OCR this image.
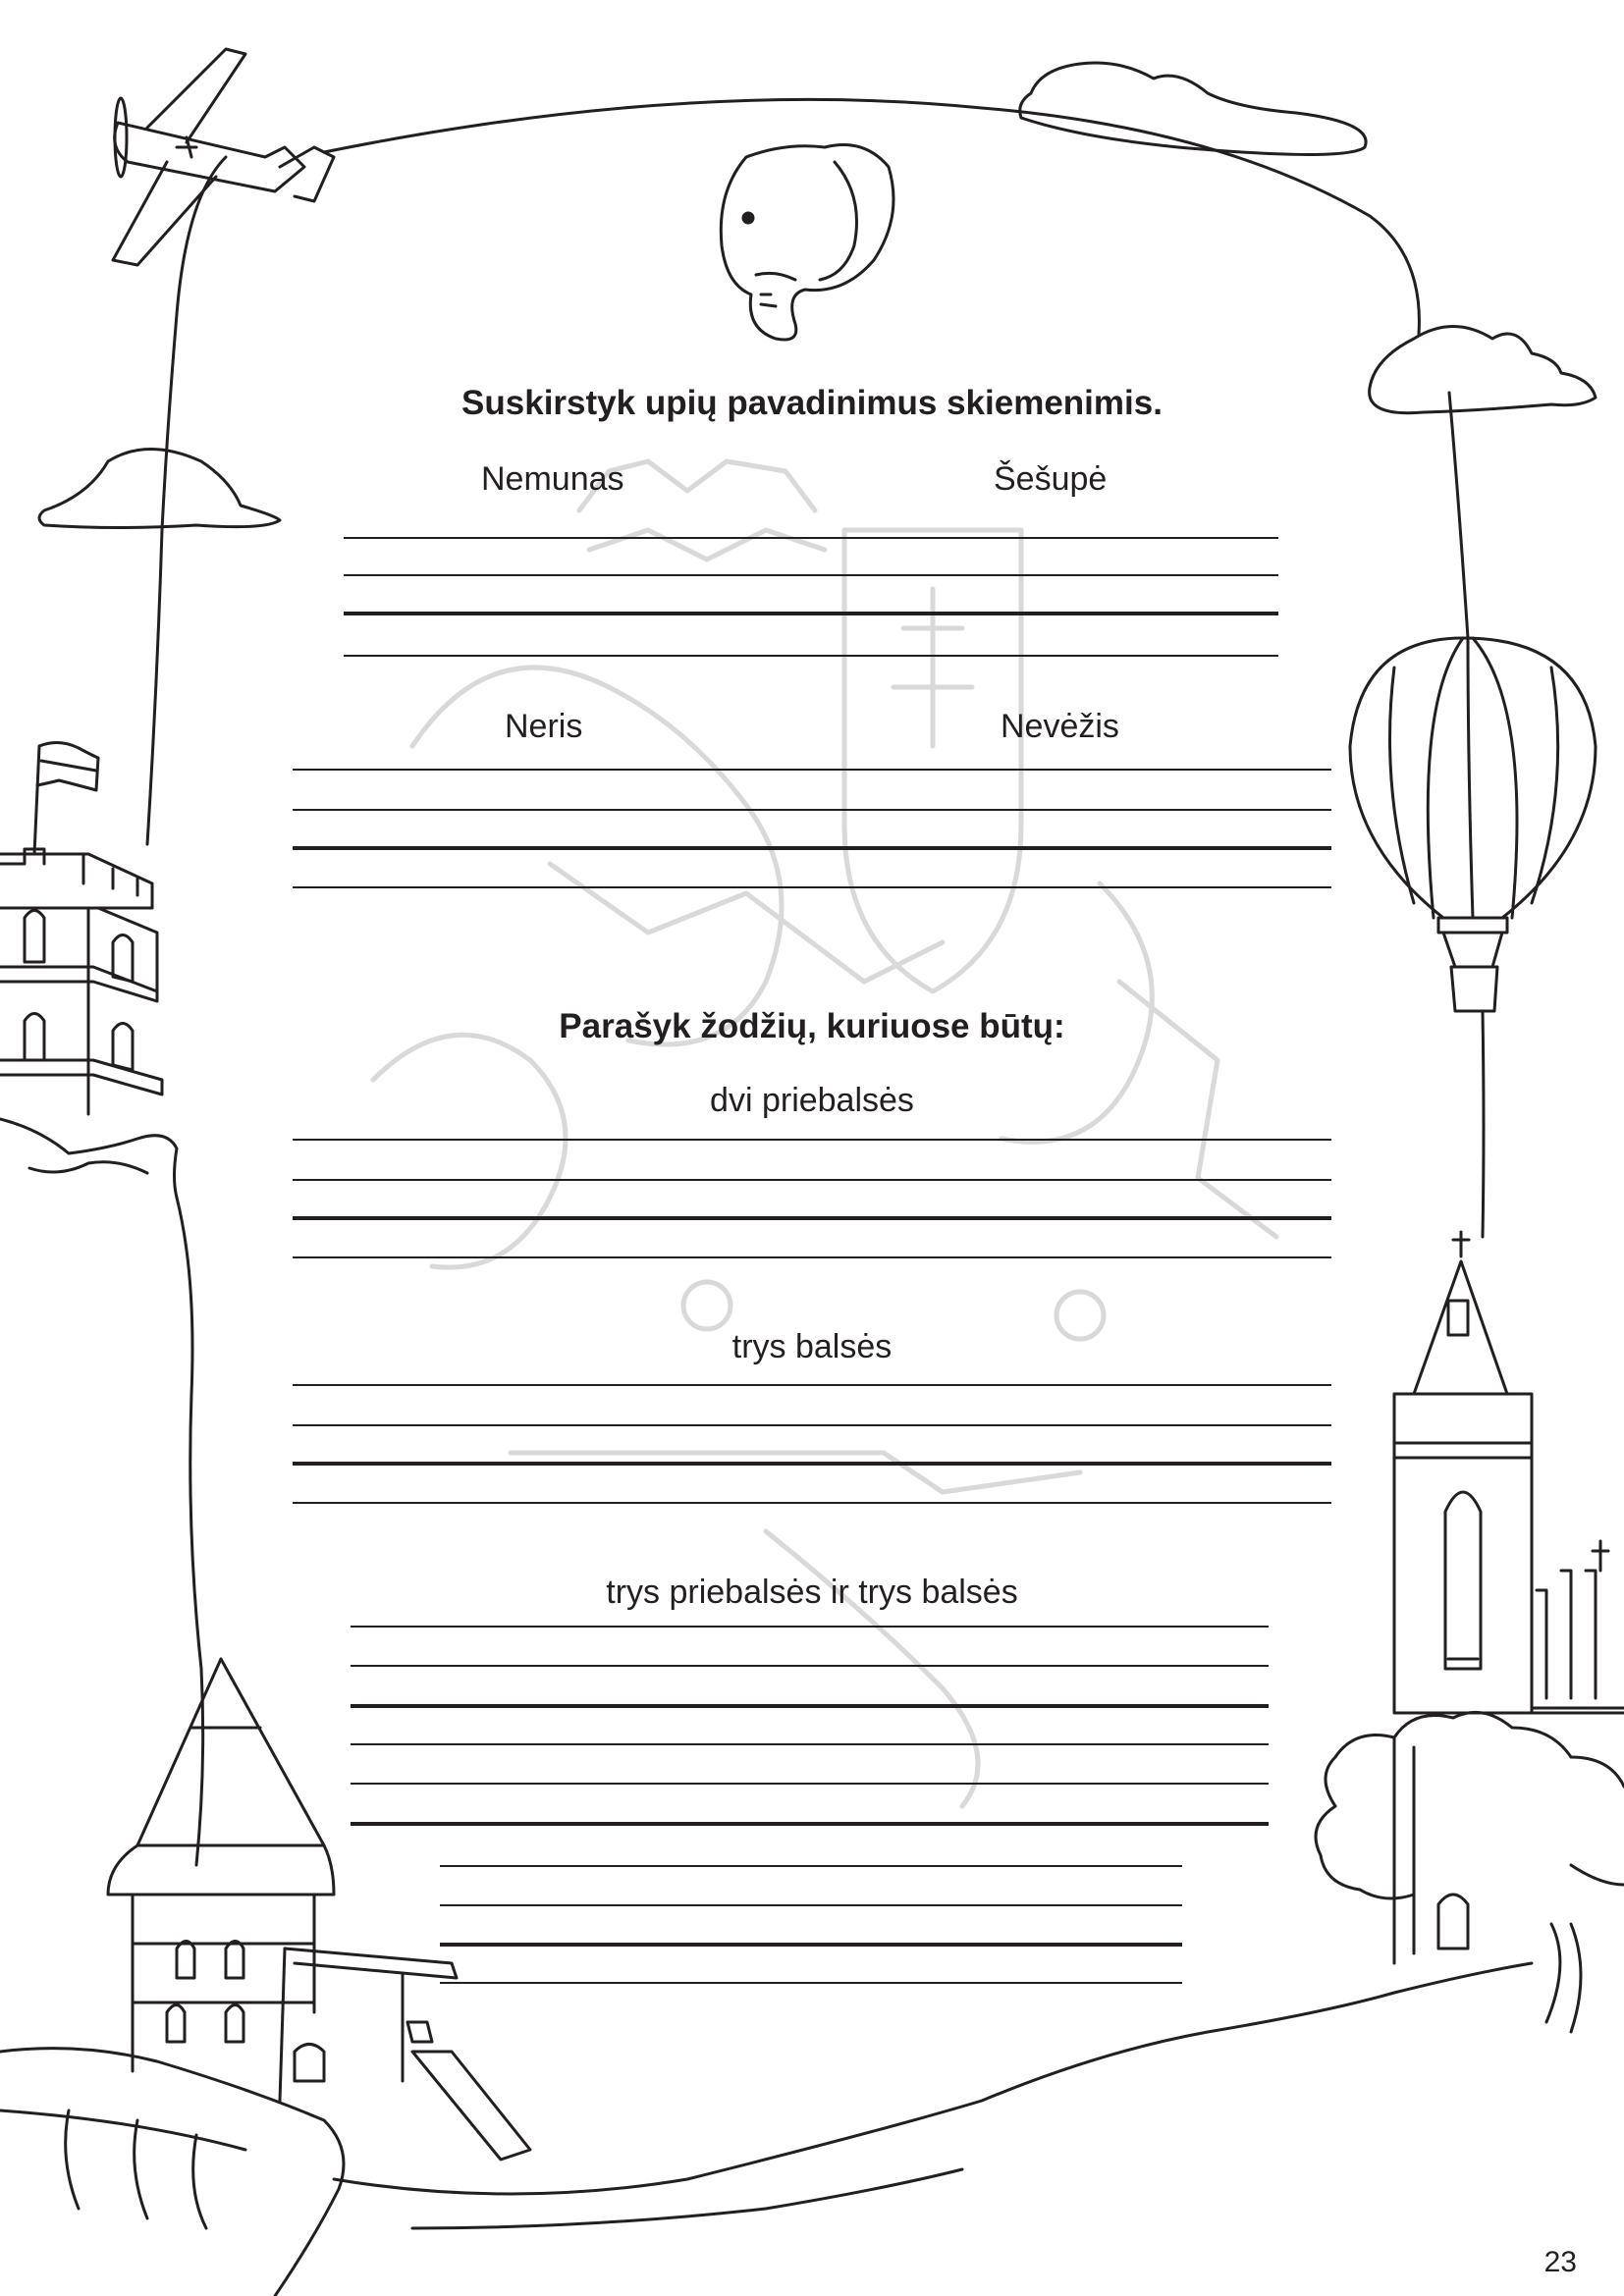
Suskirstyk upių pavadinimus skiemenimis.
Nemunas	Šešupė
Neris	Nevėžis
Parašyk žodžių, kuriuose būtų:
dvi priebalsės
trys balsės
trys priebalsės ir trys balsės
23
